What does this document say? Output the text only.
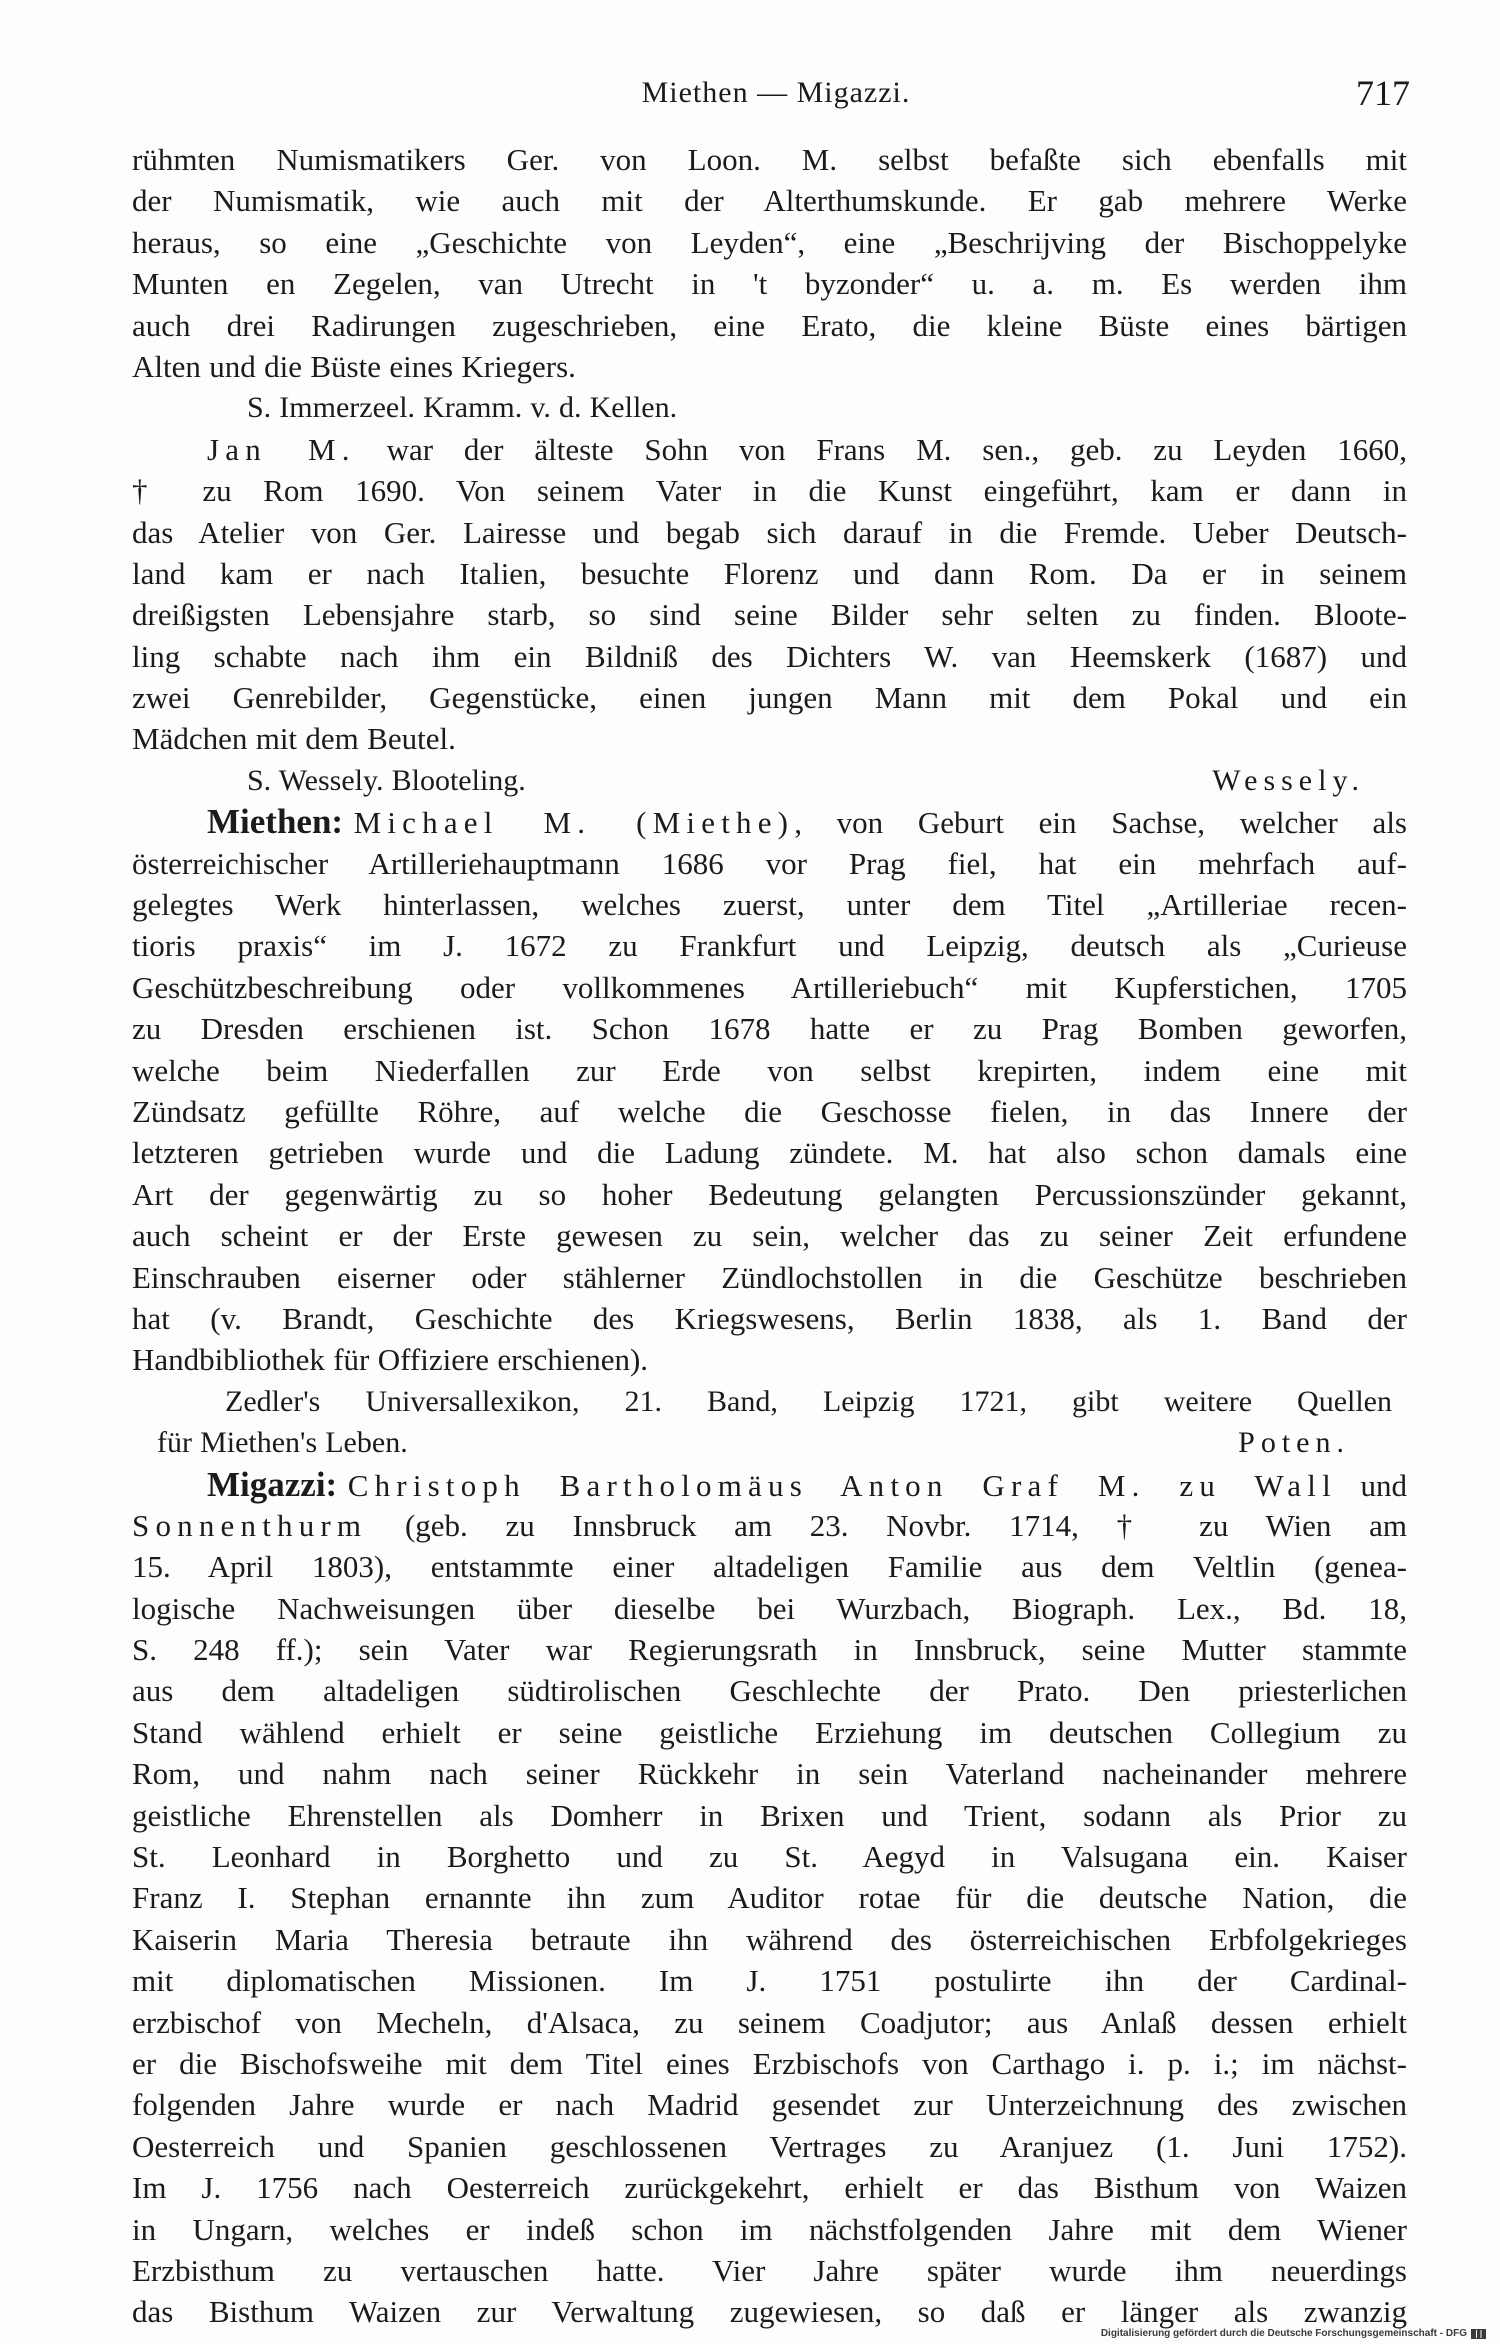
Miethen — Migazzi.	717
rühmten Numismatikers Ger. von Loon. M. selbst befaßte sich ebenfalls mit
der Numismatik, wie auch mit der Alterthumskunde. Er gab mehrere Werke
heraus, so eine „Geschichte von Leyden“, eine „Beschrijving der Bischoppelyke
Munten en Zegelen, van Utrecht in 't byzonder“ u. a. m. Es werden ihm
auch drei Radirungen zugeschrieben, eine Erato, die kleine Büste eines bärtigen
Alten und die Büste eines Kriegers.
S. Immerzeel. Kramm. v. d. Kellen.
Jan M. war der älteste Sohn von Frans M. sen., geb. zu Leyden 1660,
† zu Rom 1690. Von seinem Vater in die Kunst eingeführt, kam er dann in
das Atelier von Ger. Lairesse und begab sich darauf in die Fremde. Ueber Deutsch-
land kam er nach Italien, besuchte Florenz und dann Rom. Da er in seinem
dreißigsten Lebensjahre starb, so sind seine Bilder sehr selten zu finden. Bloote-
ling schabte nach ihm ein Bildniß des Dichters W. van Heemskerk (1687) und
zwei Genrebilder, Gegenstücke, einen jungen Mann mit dem Pokal und ein
Mädchen mit dem Beutel.
S. Wessely. Blooteling.	Wessely.
Miethen: Michael M. (Miethe), von Geburt ein Sachse, welcher als
österreichischer Artilleriehauptmann 1686 vor Prag fiel, hat ein mehrfach auf-
gelegtes Werk hinterlassen, welches zuerst, unter dem Titel „Artilleriae recen-
tioris praxis“ im J. 1672 zu Frankfurt und Leipzig, deutsch als „Curieuse
Geschützbeschreibung oder vollkommenes Artilleriebuch“ mit Kupferstichen, 1705
zu Dresden erschienen ist. Schon 1678 hatte er zu Prag Bomben geworfen,
welche beim Niederfallen zur Erde von selbst krepirten, indem eine mit
Zündsatz gefüllte Röhre, auf welche die Geschosse fielen, in das Innere der
letzteren getrieben wurde und die Ladung zündete. M. hat also schon damals eine
Art der gegenwärtig zu so hoher Bedeutung gelangten Percussionszünder gekannt,
auch scheint er der Erste gewesen zu sein, welcher das zu seiner Zeit erfundene
Einschrauben eiserner oder stählerner Zündlochstollen in die Geschütze beschrieben
hat (v. Brandt, Geschichte des Kriegswesens, Berlin 1838, als 1. Band der
Handbibliothek für Offiziere erschienen).
Zedler's Universallexikon, 21. Band, Leipzig 1721, gibt weitere Quellen
für Miethen's Leben.	Poten.
Migazzi: Christoph Bartholomäus Anton Graf M. zu Wall und
Sonnenthurm (geb. zu Innsbruck am 23. Novbr. 1714, † zu Wien am
15. April 1803), entstammte einer altadeligen Familie aus dem Veltlin (genea-
logische Nachweisungen über dieselbe bei Wurzbach, Biograph. Lex., Bd. 18,
S. 248 ff.); sein Vater war Regierungsrath in Innsbruck, seine Mutter stammte
aus dem altadeligen südtirolischen Geschlechte der Prato. Den priesterlichen
Stand wählend erhielt er seine geistliche Erziehung im deutschen Collegium zu
Rom, und nahm nach seiner Rückkehr in sein Vaterland nacheinander mehrere
geistliche Ehrenstellen als Domherr in Brixen und Trient, sodann als Prior zu
St. Leonhard in Borghetto und zu St. Aegyd in Valsugana ein. Kaiser
Franz I. Stephan ernannte ihn zum Auditor rotae für die deutsche Nation, die
Kaiserin Maria Theresia betraute ihn während des österreichischen Erbfolgekrieges
mit diplomatischen Missionen. Im J. 1751 postulirte ihn der Cardinal-
erzbischof von Mecheln, d'Alsaca, zu seinem Coadjutor; aus Anlaß dessen erhielt
er die Bischofsweihe mit dem Titel eines Erzbischofs von Carthago i. p. i.; im nächst-
folgenden Jahre wurde er nach Madrid gesendet zur Unterzeichnung des zwischen
Oesterreich und Spanien geschlossenen Vertrages zu Aranjuez (1. Juni 1752).
Im J. 1756 nach Oesterreich zurückgekehrt, erhielt er das Bisthum von Waizen
in Ungarn, welches er indeß schon im nächstfolgenden Jahre mit dem Wiener
Erzbisthum zu vertauschen hatte. Vier Jahre später wurde ihm neuerdings
das Bisthum Waizen zur Verwaltung zugewiesen, so daß er länger als zwanzig
Digitalisierung gefördert durch die Deutsche Forschungsgemeinschaft - DFG
